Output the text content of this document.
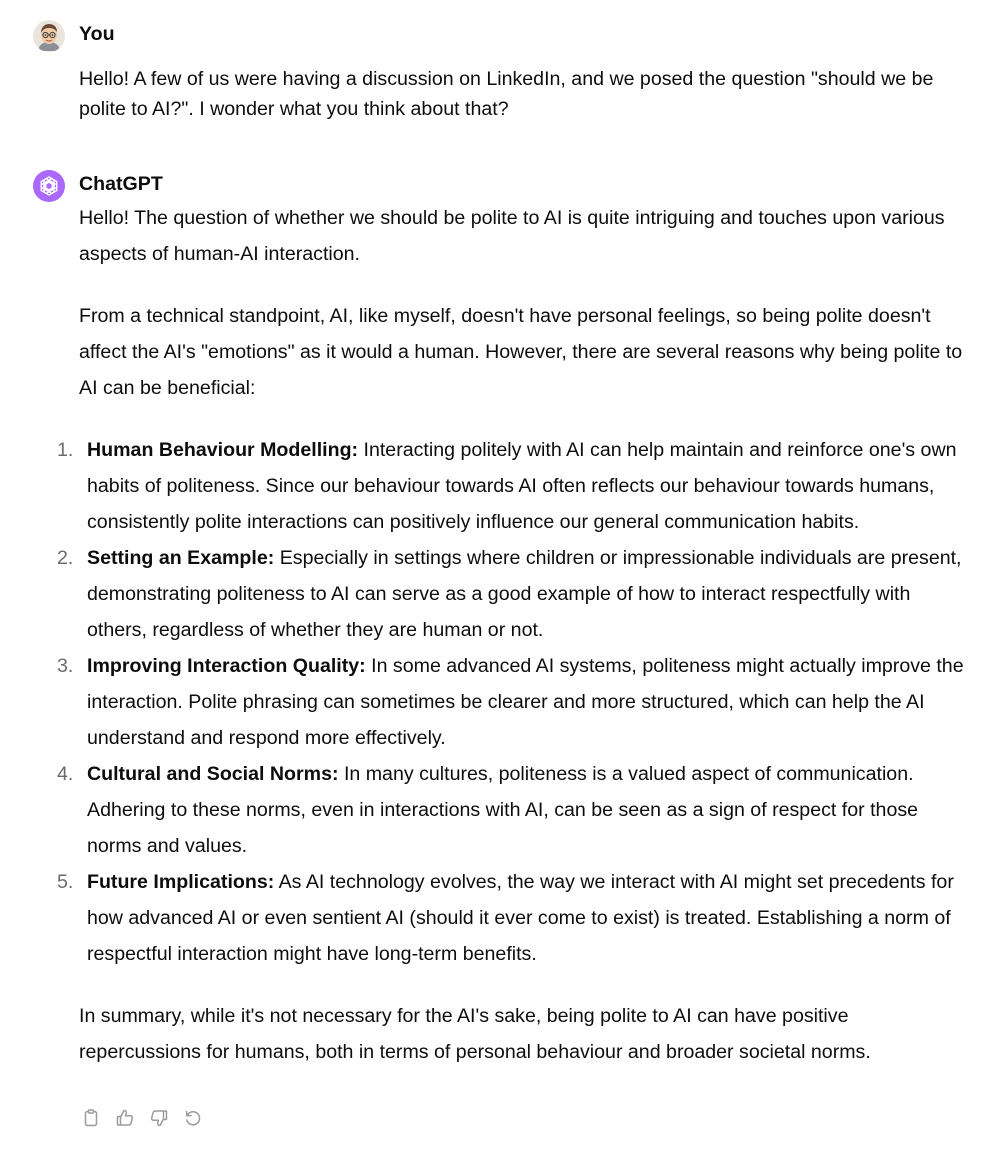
You

Hello! A few of us were having a discussion on LinkedIn, and we posed the question "should we be polite to AI?". I wonder what you think about that?

ChatGPT

Hello! The question of whether we should be polite to AI is quite intriguing and touches upon various aspects of human-AI interaction.

From a technical standpoint, AI, like myself, doesn't have personal feelings, so being polite doesn't affect the AI's "emotions" as it would a human. However, there are several reasons why being polite to AI can be beneficial:

1. Human Behaviour Modelling: Interacting politely with AI can help maintain and reinforce one's own habits of politeness. Since our behaviour towards AI often reflects our behaviour towards humans, consistently polite interactions can positively influence our general communication habits.
2. Setting an Example: Especially in settings where children or impressionable individuals are present, demonstrating politeness to AI can serve as a good example of how to interact respectfully with others, regardless of whether they are human or not.
3. Improving Interaction Quality: In some advanced AI systems, politeness might actually improve the interaction. Polite phrasing can sometimes be clearer and more structured, which can help the AI understand and respond more effectively.
4. Cultural and Social Norms: In many cultures, politeness is a valued aspect of communication. Adhering to these norms, even in interactions with AI, can be seen as a sign of respect for those norms and values.
5. Future Implications: As AI technology evolves, the way we interact with AI might set precedents for how advanced AI or even sentient AI (should it ever come to exist) is treated. Establishing a norm of respectful interaction might have long-term benefits.

In summary, while it's not necessary for the AI's sake, being polite to AI can have positive repercussions for humans, both in terms of personal behaviour and broader societal norms.
